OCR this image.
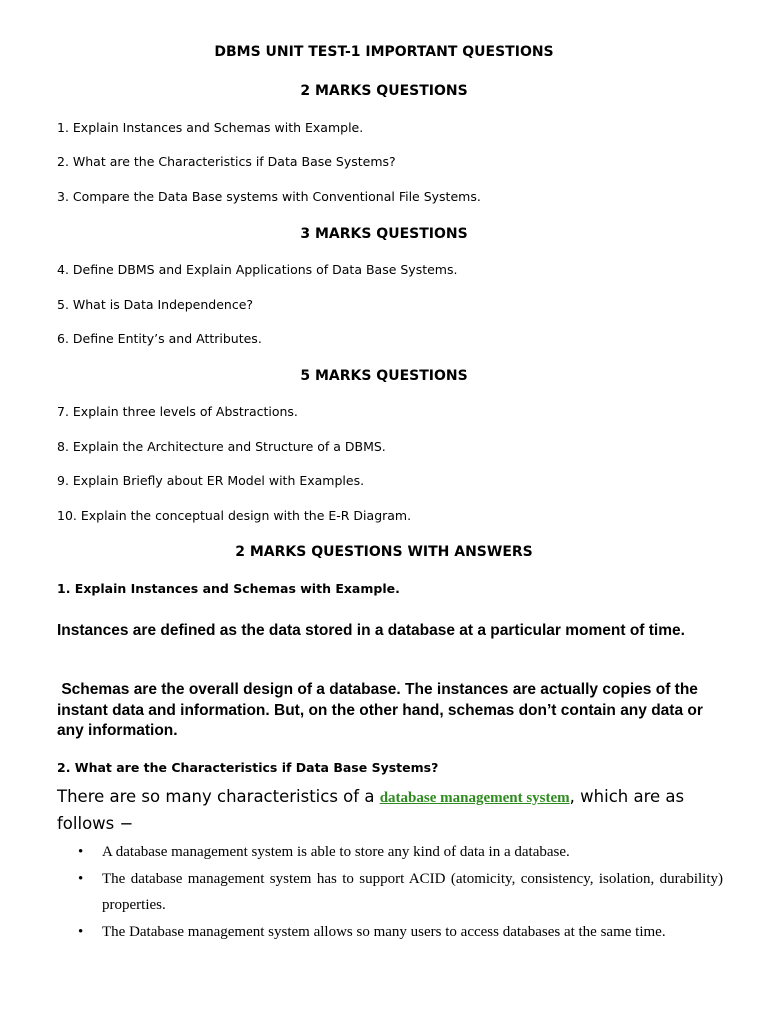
DBMS UNIT TEST-1 IMPORTANT QUESTIONS
2 MARKS QUESTIONS
1. Explain Instances and Schemas with Example.
2. What are the Characteristics if Data Base Systems?
3. Compare the Data Base systems with Conventional File Systems.
3 MARKS QUESTIONS
4. Define DBMS and Explain Applications of Data Base Systems.
5. What is Data Independence?
6. Define Entity’s and Attributes.
5 MARKS QUESTIONS
7. Explain three levels of Abstractions.
8. Explain the Architecture and Structure of a DBMS.
9. Explain Briefly about ER Model with Examples.
10. Explain the conceptual design with the E-R Diagram.
2 MARKS QUESTIONS WITH ANSWERS
1. Explain Instances and Schemas with Example.
Instances are defined as the data stored in a database at a particular moment of time.
Schemas are the overall design of a database. The instances are actually copies of the instant data and information. But, on the other hand, schemas don’t contain any data or any information.
2. What are the Characteristics if Data Base Systems?
There are so many characteristics of a database management system, which are as follows −
• A database management system is able to store any kind of data in a database.
• The database management system has to support ACID (atomicity, consistency, isolation, durability) properties.
• The Database management system allows so many users to access databases at the same time.
